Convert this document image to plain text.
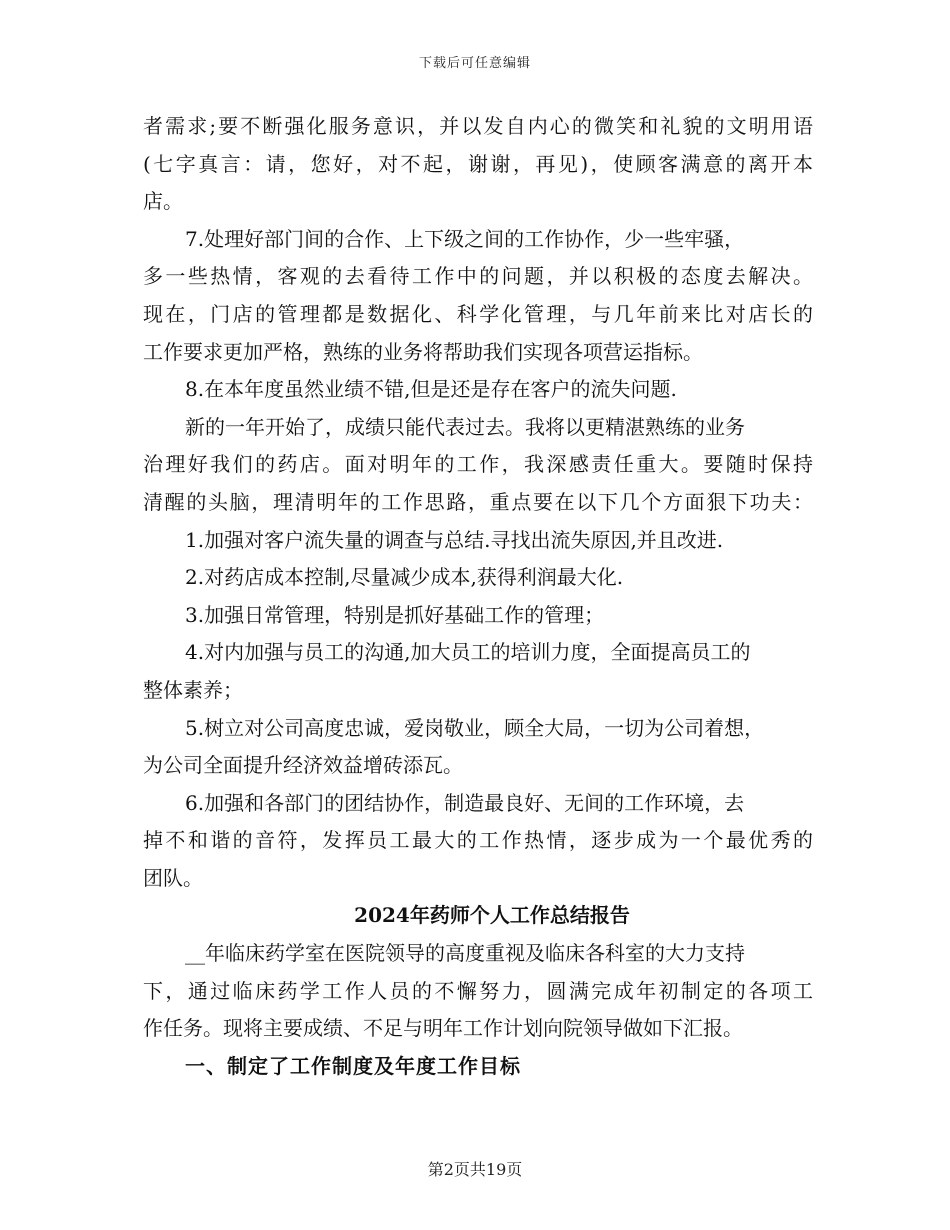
下载后可任意编辑
者需求;要不断强化服务意识，并以发自内心的微笑和礼貌的文明用语
(七字真言：请，您好，对不起，谢谢，再见)，使顾客满意的离开本
店。
7.处理好部门间的合作、上下级之间的工作协作，少一些牢骚，
多一些热情，客观的去看待工作中的问题，并以积极的态度去解决。
现在，门店的管理都是数据化、科学化管理，与几年前来比对店长的
工作要求更加严格，熟练的业务将帮助我们实现各项营运指标。
8.在本年度虽然业绩不错,但是还是存在客户的流失问题.
新的一年开始了，成绩只能代表过去。我将以更精湛熟练的业务
治理好我们的药店。面对明年的工作，我深感责任重大。要随时保持
清醒的头脑，理清明年的工作思路，重点要在以下几个方面狠下功夫：
1.加强对客户流失量的调查与总结.寻找出流失原因,并且改进.
2.对药店成本控制,尽量减少成本,获得利润最大化.
3.加强日常管理，特别是抓好基础工作的管理；
4.对内加强与员工的沟通,加大员工的培训力度，全面提高员工的
整体素养；
5.树立对公司高度忠诚，爱岗敬业，顾全大局，一切为公司着想，
为公司全面提升经济效益增砖添瓦。
6.加强和各部门的团结协作，制造最良好、无间的工作环境，去
掉不和谐的音符，发挥员工最大的工作热情，逐步成为一个最优秀的
团队。
2024年药师个人工作总结报告
__年临床药学室在医院领导的高度重视及临床各科室的大力支持
下，通过临床药学工作人员的不懈努力，圆满完成年初制定的各项工
作任务。现将主要成绩、不足与明年工作计划向院领导做如下汇报。
一、制定了工作制度及年度工作目标
第2页共19页
